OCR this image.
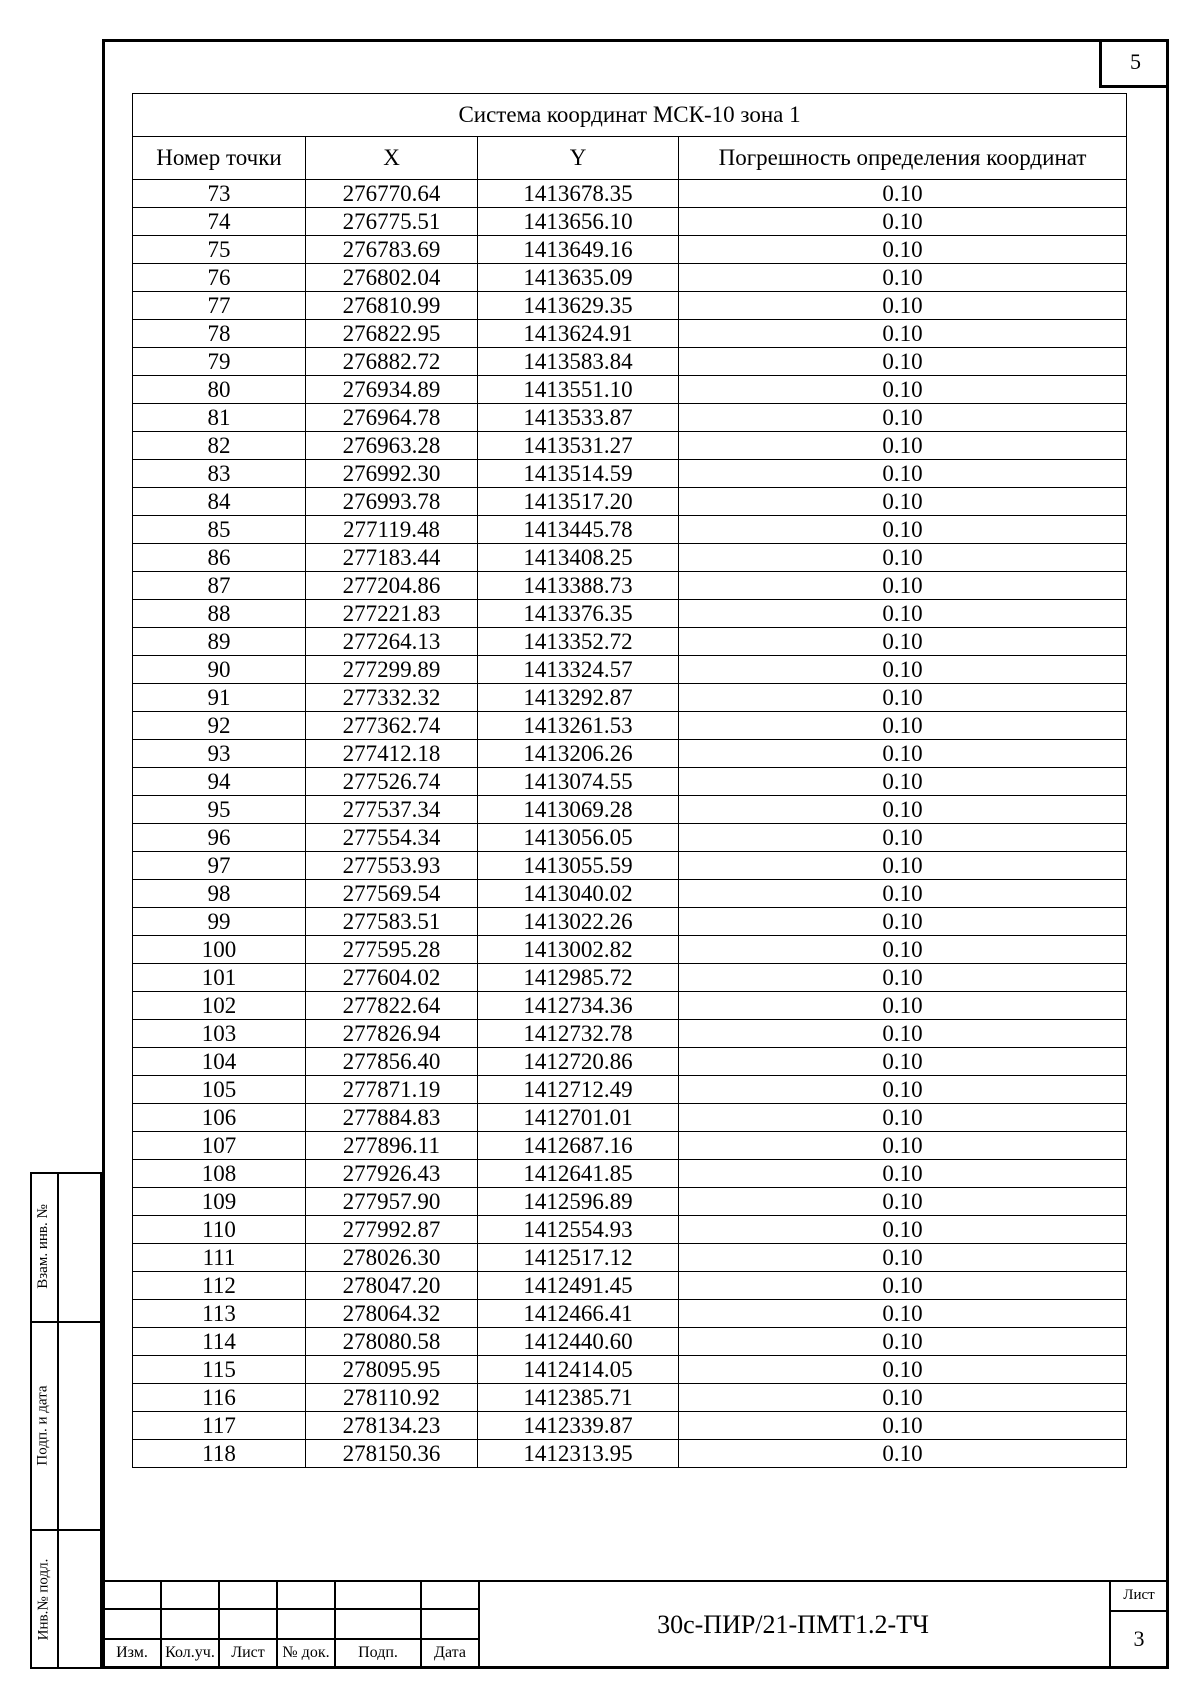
5
Система координат МСК-10 зона 1			
Номер точки	X	Y	Погрешность определения координат
73	276770.64	1413678.35	0.10
74	276775.51	1413656.10	0.10
75	276783.69	1413649.16	0.10
76	276802.04	1413635.09	0.10
77	276810.99	1413629.35	0.10
78	276822.95	1413624.91	0.10
79	276882.72	1413583.84	0.10
80	276934.89	1413551.10	0.10
81	276964.78	1413533.87	0.10
82	276963.28	1413531.27	0.10
83	276992.30	1413514.59	0.10
84	276993.78	1413517.20	0.10
85	277119.48	1413445.78	0.10
86	277183.44	1413408.25	0.10
87	277204.86	1413388.73	0.10
88	277221.83	1413376.35	0.10
89	277264.13	1413352.72	0.10
90	277299.89	1413324.57	0.10
91	277332.32	1413292.87	0.10
92	277362.74	1413261.53	0.10
93	277412.18	1413206.26	0.10
94	277526.74	1413074.55	0.10
95	277537.34	1413069.28	0.10
96	277554.34	1413056.05	0.10
97	277553.93	1413055.59	0.10
98	277569.54	1413040.02	0.10
99	277583.51	1413022.26	0.10
100	277595.28	1413002.82	0.10
101	277604.02	1412985.72	0.10
102	277822.64	1412734.36	0.10
103	277826.94	1412732.78	0.10
104	277856.40	1412720.86	0.10
105	277871.19	1412712.49	0.10
106	277884.83	1412701.01	0.10
107	277896.11	1412687.16	0.10
108	277926.43	1412641.85	0.10
109	277957.90	1412596.89	0.10
110	277992.87	1412554.93	0.10
111	278026.30	1412517.12	0.10
112	278047.20	1412491.45	0.10
113	278064.32	1412466.41	0.10
114	278080.58	1412440.60	0.10
115	278095.95	1412414.05	0.10
116	278110.92	1412385.71	0.10
117	278134.23	1412339.87	0.10
118	278150.36	1412313.95	0.10
Взам. инв. №
Подп. и дата
Инв.№ подл.
Изм.	Кол.уч.	Лист	№ док.	Подп.	Дата
30с-ПИР/21-ПМТ1.2-ТЧ
Лист
3
